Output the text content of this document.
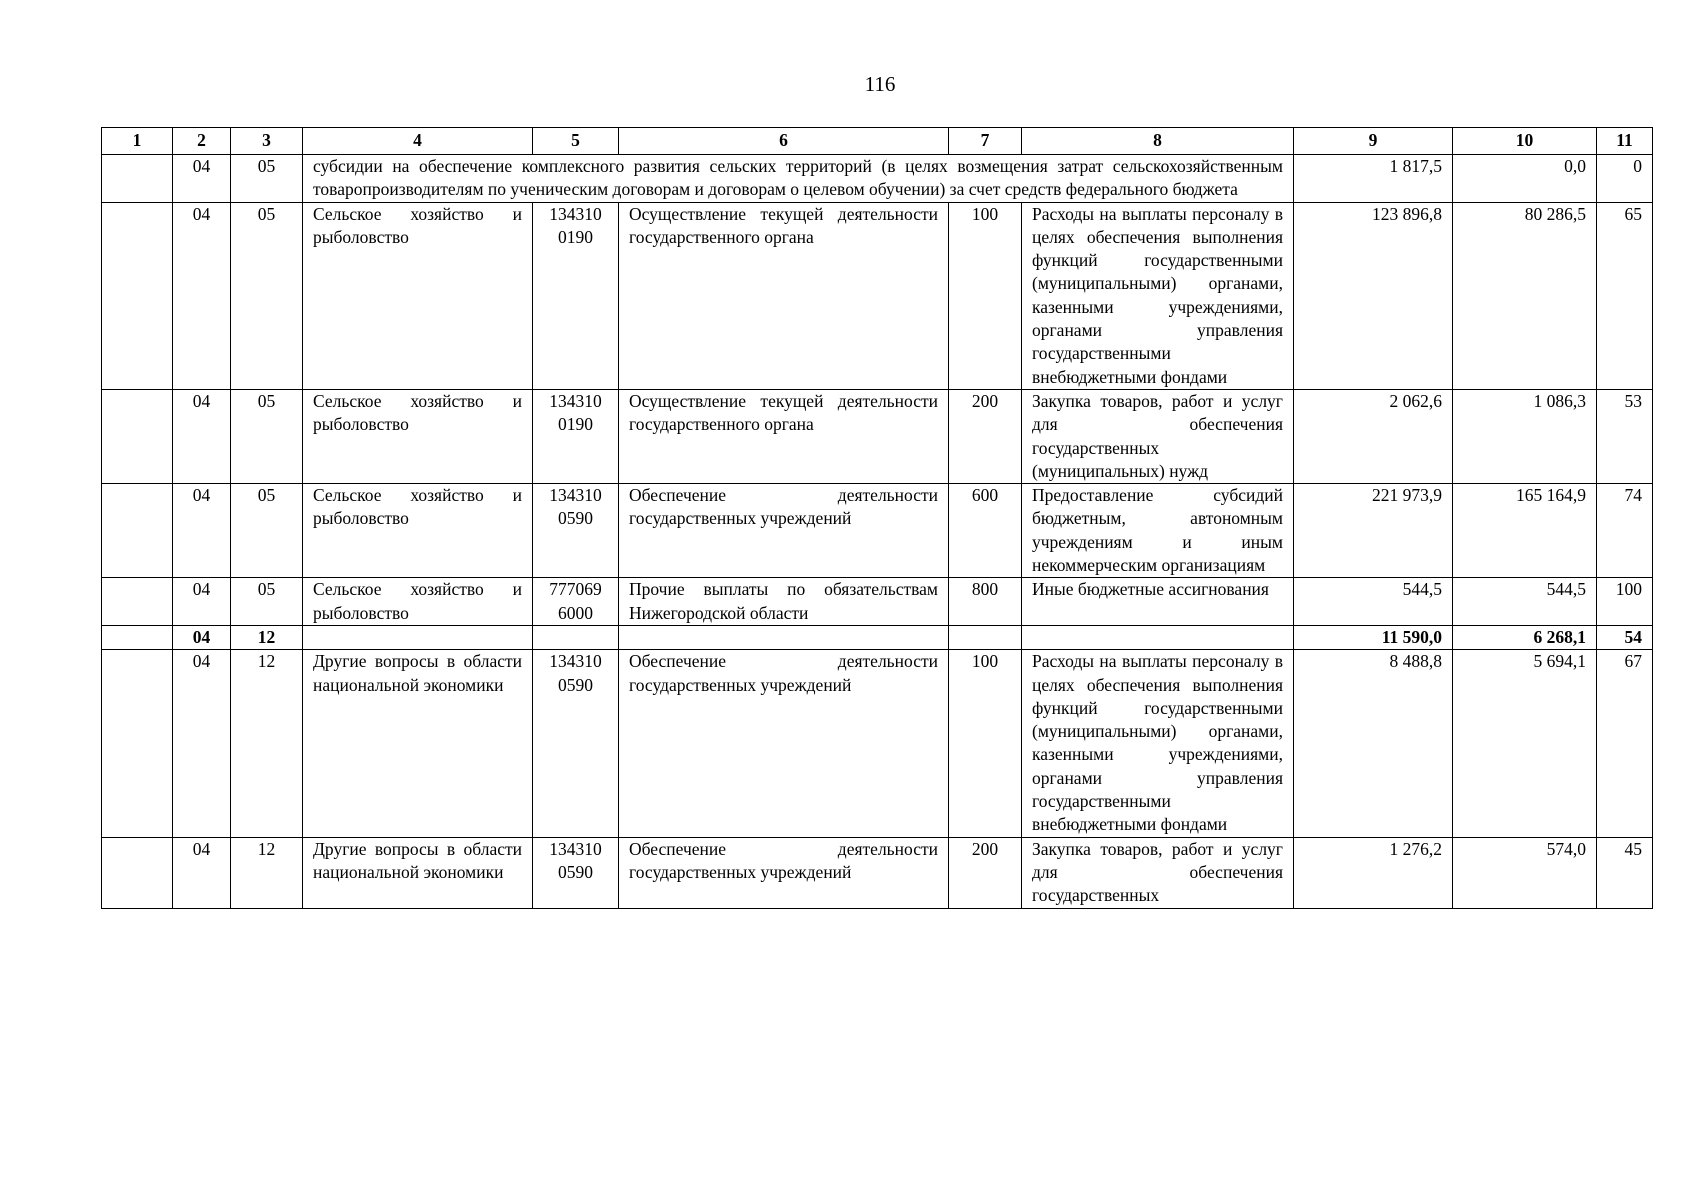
116
1	2	3	4	5	6	7	8	9	10	11
	04	05	субсидии на обеспечение комплексного развития сельских территорий (в целях возмещения затрат сельскохозяйственным товаропроизводителям по ученическим договорам и договорам о целевом обучении) за счет средств федерального бюджета					1 817,5	0,0	0
	04	05	Сельское хозяйство и рыболовство	134310 0190	Осуществление текущей деятельности государственного органа	100	Расходы на выплаты персоналу в целях обеспечения выполнения функций государственными (муниципальными) органами, казенными учреждениями, органами управления государственными внебюджетными фондами	123 896,8	80 286,5	65
	04	05	Сельское хозяйство и рыболовство	134310 0190	Осуществление текущей деятельности государственного органа	200	Закупка товаров, работ и услуг для обеспечения государственных (муниципальных) нужд	2 062,6	1 086,3	53
	04	05	Сельское хозяйство и рыболовство	134310 0590	Обеспечение деятельности государственных учреждений	600	Предоставление субсидий бюджетным, автономным учреждениям и иным некоммерческим организациям	221 973,9	165 164,9	74
	04	05	Сельское хозяйство и рыболовство	777069 6000	Прочие выплаты по обязательствам Нижегородской области	800	Иные бюджетные ассигнования	544,5	544,5	100
	04	12						11 590,0	6 268,1	54
	04	12	Другие вопросы в области национальной экономики	134310 0590	Обеспечение деятельности государственных учреждений	100	Расходы на выплаты персоналу в целях обеспечения выполнения функций государственными (муниципальными) органами, казенными учреждениями, органами управления государственными внебюджетными фондами	8 488,8	5 694,1	67
	04	12	Другие вопросы в области национальной экономики	134310 0590	Обеспечение деятельности государственных учреждений	200	Закупка товаров, работ и услуг для обеспечения государственных	1 276,2	574,0	45
